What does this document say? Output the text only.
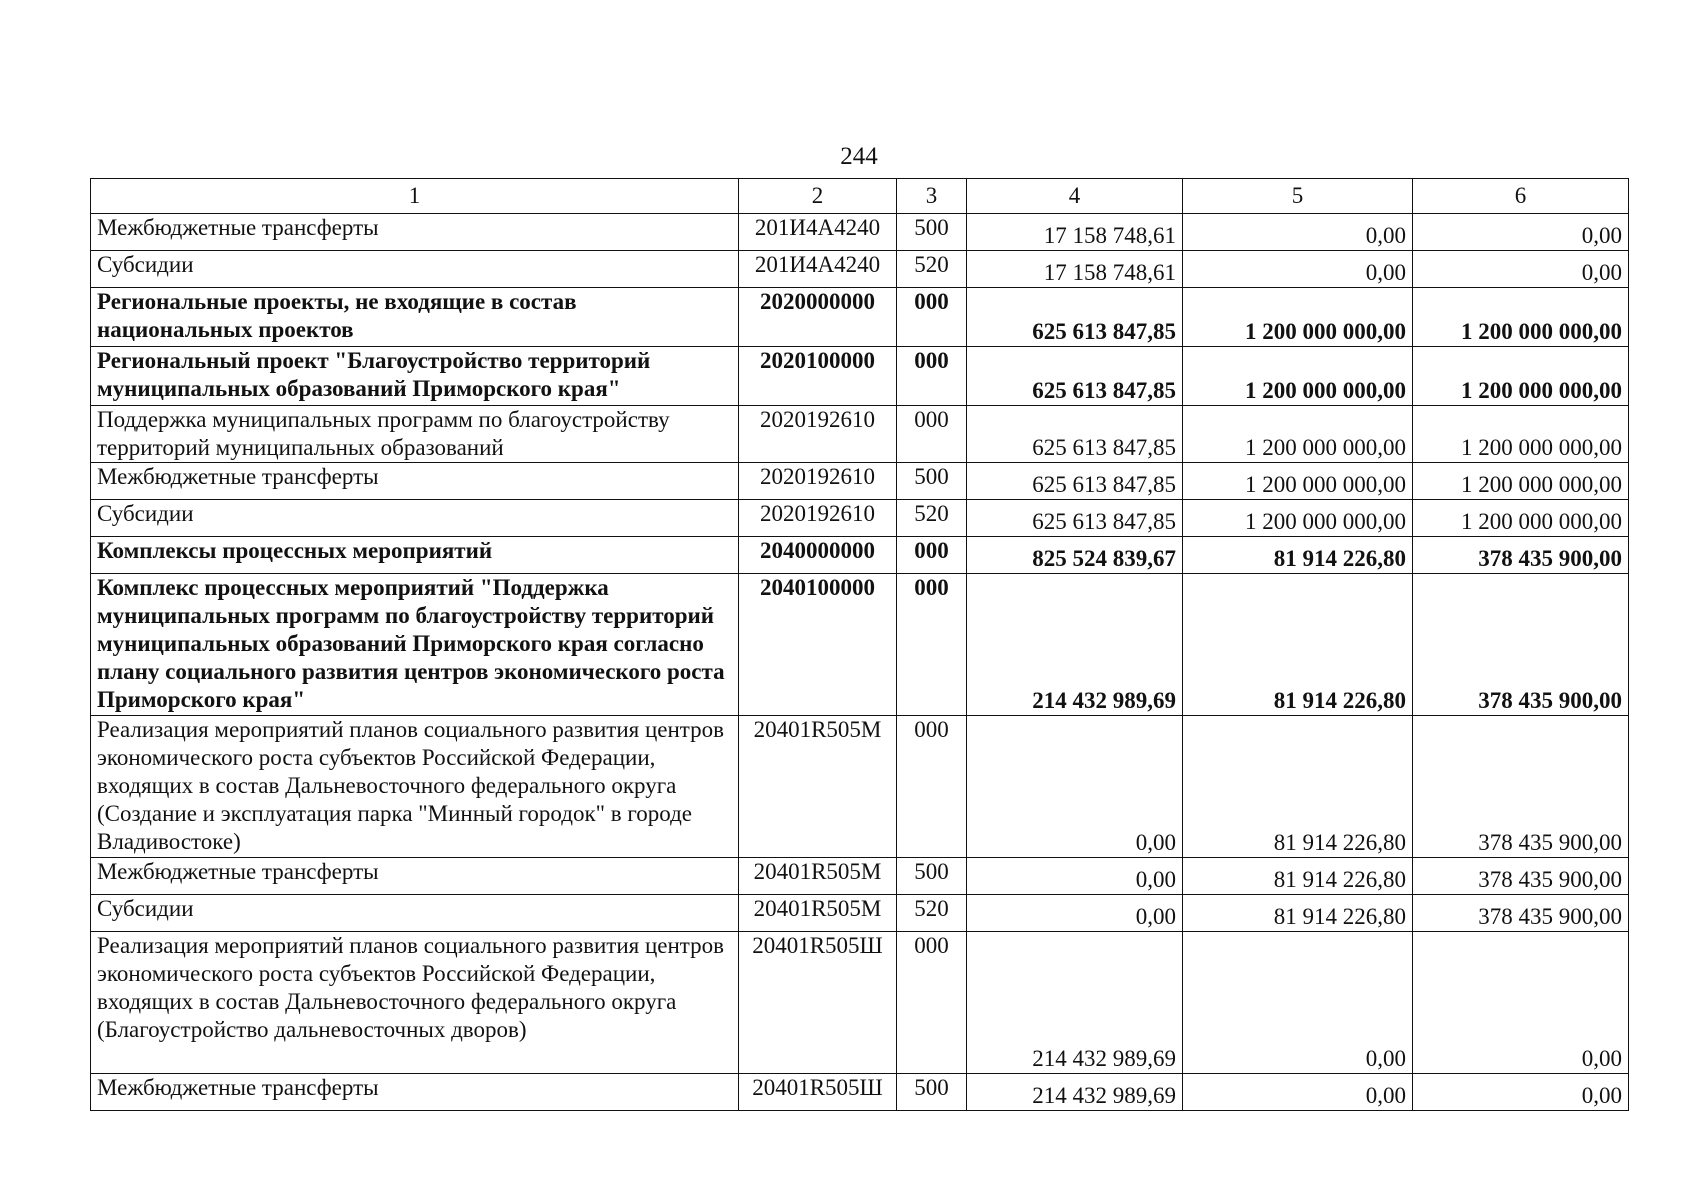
244
1	2	3	4	5	6
Межбюджетные трансферты	201И4А4240	500	17 158 748,61	0,00	0,00
Субсидии	201И4А4240	520	17 158 748,61	0,00	0,00
Региональные проекты, не входящие в состав национальных проектов	2020000000	000	625 613 847,85	1 200 000 000,00	1 200 000 000,00
Региональный проект "Благоустройство территорий муниципальных образований Приморского края"	2020100000	000	625 613 847,85	1 200 000 000,00	1 200 000 000,00
Поддержка муниципальных программ по благоустройству территорий муниципальных образований	2020192610	000	625 613 847,85	1 200 000 000,00	1 200 000 000,00
Межбюджетные трансферты	2020192610	500	625 613 847,85	1 200 000 000,00	1 200 000 000,00
Субсидии	2020192610	520	625 613 847,85	1 200 000 000,00	1 200 000 000,00
Комплексы процессных мероприятий	2040000000	000	825 524 839,67	81 914 226,80	378 435 900,00
Комплекс процессных мероприятий "Поддержка муниципальных программ по благоустройству территорий муниципальных образований Приморского края согласно плану социального развития центров экономического роста Приморского края"	2040100000	000	214 432 989,69	81 914 226,80	378 435 900,00
Реализация мероприятий планов социального развития центров экономического роста субъектов Российской Федерации, входящих в состав Дальневосточного федерального округа (Создание и эксплуатация парка "Минный городок" в городе Владивостоке)	20401R505М	000	0,00	81 914 226,80	378 435 900,00
Межбюджетные трансферты	20401R505М	500	0,00	81 914 226,80	378 435 900,00
Субсидии	20401R505М	520	0,00	81 914 226,80	378 435 900,00
Реализация мероприятий планов социального развития центров экономического роста субъектов Российской Федерации, входящих в состав Дальневосточного федерального округа (Благоустройство дальневосточных дворов)	20401R505Ш	000	214 432 989,69	0,00	0,00
Межбюджетные трансферты	20401R505Ш	500	214 432 989,69	0,00	0,00
